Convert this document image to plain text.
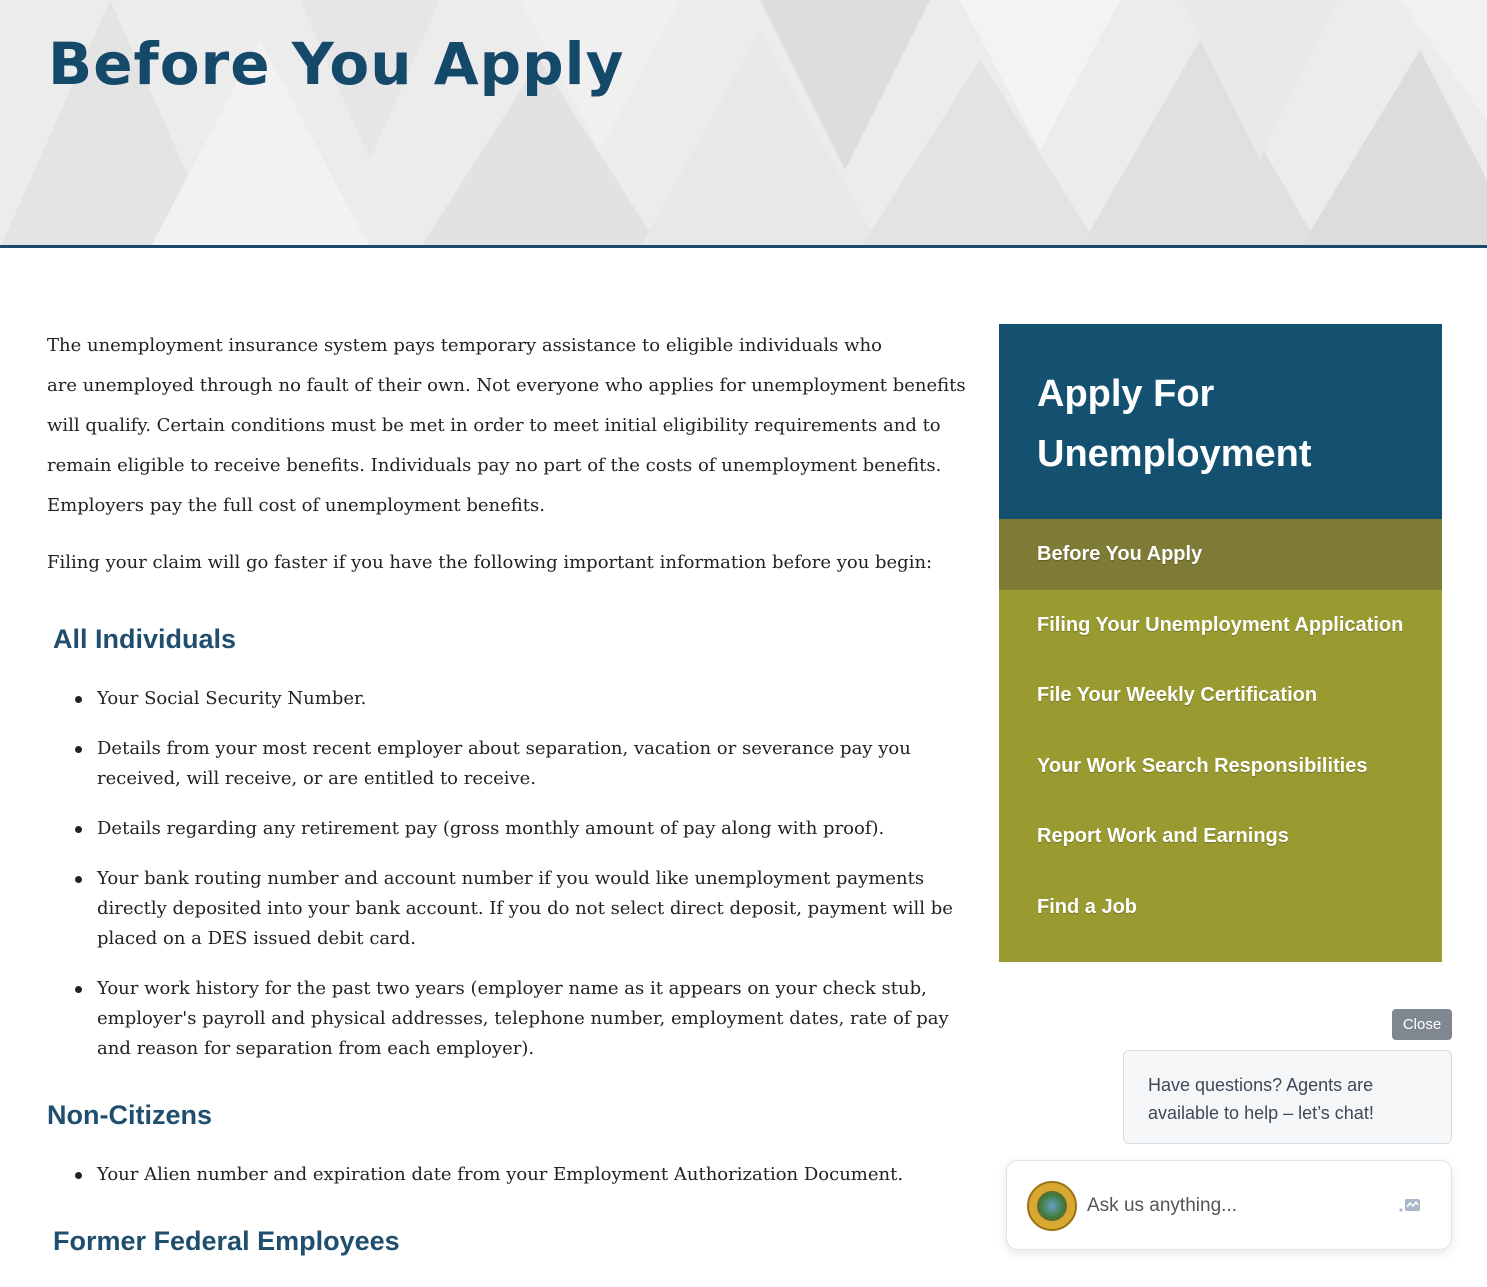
Before You Apply

The unemployment insurance system pays temporary assistance to eligible individuals who
are unemployed through no fault of their own. Not everyone who applies for unemployment benefits will qualify. Certain conditions must be met in order to meet initial eligibility requirements and to remain eligible to receive benefits. Individuals pay no part of the costs of unemployment benefits. Employers pay the full cost of unemployment benefits.

Filing your claim will go faster if you have the following important information before you begin:

All Individuals
Your Social Security Number.
Details from your most recent employer about separation, vacation or severance pay you received, will receive, or are entitled to receive.
Details regarding any retirement pay (gross monthly amount of pay along with proof).
Your bank routing number and account number if you would like unemployment payments directly deposited into your bank account. If you do not select direct deposit, payment will be placed on a DES issued debit card.
Your work history for the past two years (employer name as it appears on your check stub, employer's payroll and physical addresses, telephone number, employment dates, rate of pay and reason for separation from each employer).
Non-Citizens
Your Alien number and expiration date from your Employment Authorization Document.
Former Federal Employees
Apply For Unemployment
Before You Apply
Filing Your Unemployment Application
File Your Weekly Certification
Your Work Search Responsibilities
Report Work and Earnings
Find a Job
Close
Have questions? Agents are available to help – let’s chat!
Ask us anything...
